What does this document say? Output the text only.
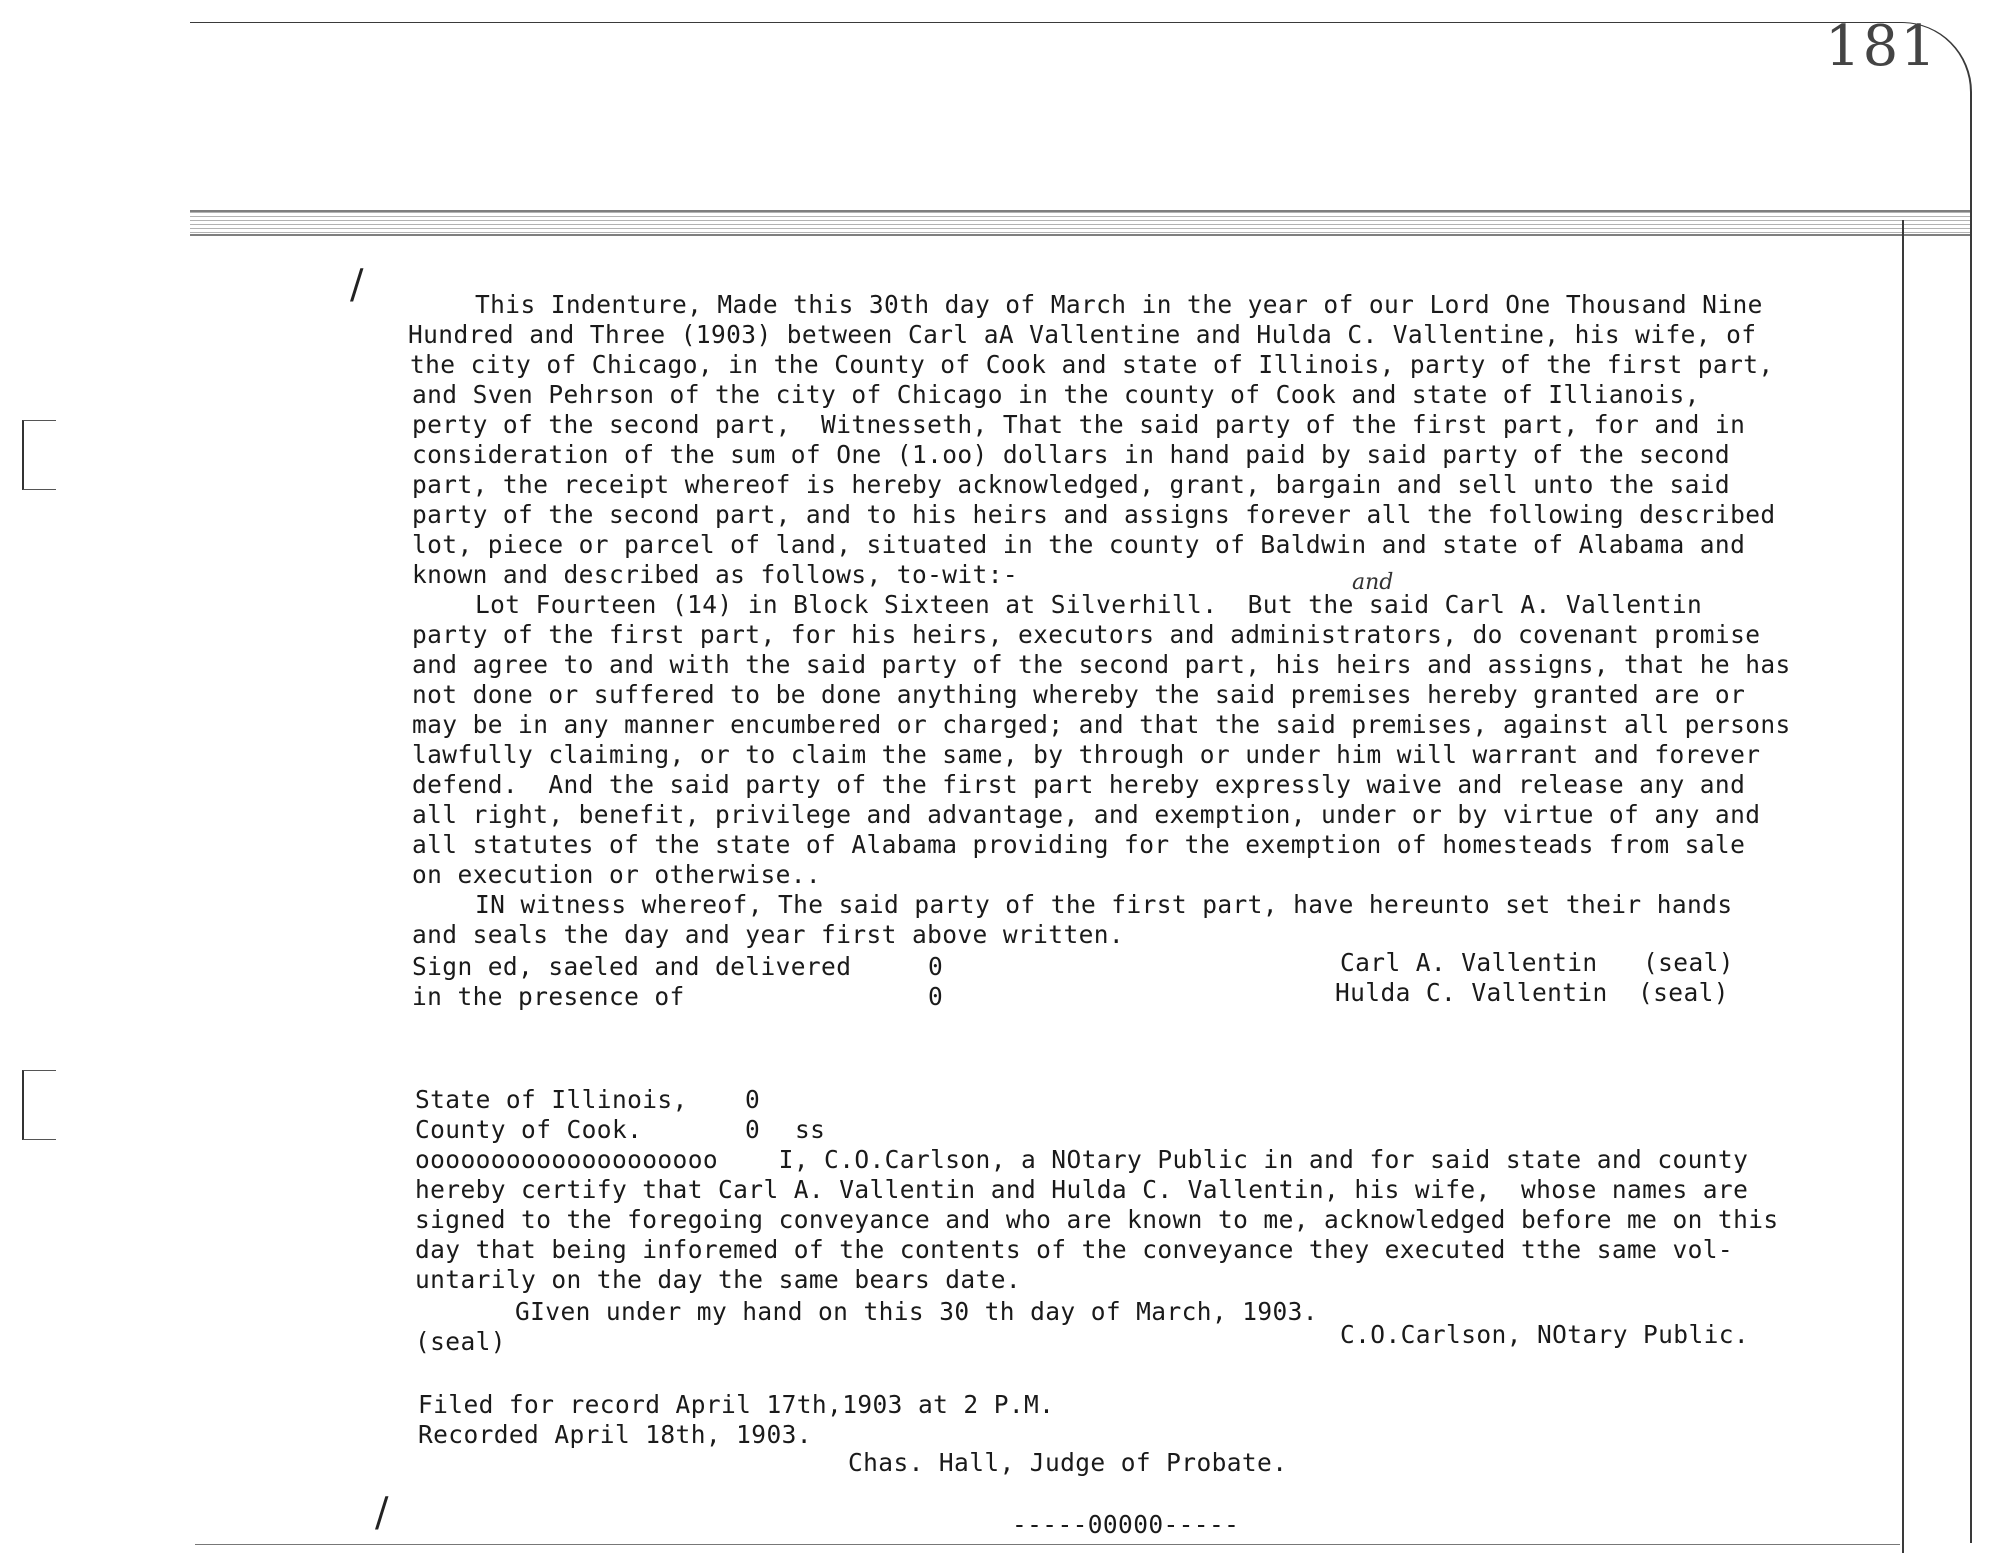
181
/
/
This Indenture, Made this 30th day of March in the year of our Lord One Thousand Nine
Hundred and Three (1903) between Carl aA Vallentine and Hulda C. Vallentine, his wife, of
the city of Chicago, in the County of Cook and state of Illinois, party of the first part,
and Sven Pehrson of the city of Chicago in the county of Cook and state of Illianois,
perty of the second part,  Witnesseth, That the said party of the first part, for and in
consideration of the sum of One (1.oo) dollars in hand paid by said party of the second
part, the receipt whereof is hereby acknowledged, grant, bargain and sell unto the said
party of the second part, and to his heirs and assigns forever all the following described
lot, piece or parcel of land, situated in the county of Baldwin and state of Alabama and
known and described as follows, to-wit:-	and
Lot Fourteen (14) in Block Sixteen at Silverhill.  But the said Carl A. Vallentin
party of the first part, for his heirs, executors and administrators, do covenant promise
and agree to and with the said party of the second part, his heirs and assigns, that he has
not done or suffered to be done anything whereby the said premises hereby granted are or
may be in any manner encumbered or charged; and that the said premises, against all persons
lawfully claiming, or to claim the same, by through or under him will warrant and forever
defend.  And the said party of the first part hereby expressly waive and release any and
all right, benefit, privilege and advantage, and exemption, under or by virtue of any and
all statutes of the state of Alabama providing for the exemption of homesteads from sale
on execution or otherwise..
IN witness whereof, The said party of the first part, have hereunto set their hands
and seals the day and year first above written.
Sign ed, saeled and delivered
in the presence of
0
0
Carl A. Vallentin   (seal)
Hulda C. Vallentin  (seal)
State of Illinois, 0
County of Cook.	0 ss
oooooooooooooooooooo    I, C.O.Carlson, a NOtary Public in and for said state and county
hereby certify that Carl A. Vallentin and Hulda C. Vallentin, his wife,  whose names are
signed to the foregoing conveyance and who are known to me, acknowledged before me on this
day that being inforemed of the contents of the conveyance they executed tthe same vol-
untarily on the day the same bears date.
GIven under my hand on this 30 th day of March, 1903.
(seal)	C.O.Carlson, NOtary Public.
Filed for record April 17th,1903 at 2 P.M.
Recorded April 18th, 1903.
Chas. Hall, Judge of Probate.
-----00000-----
